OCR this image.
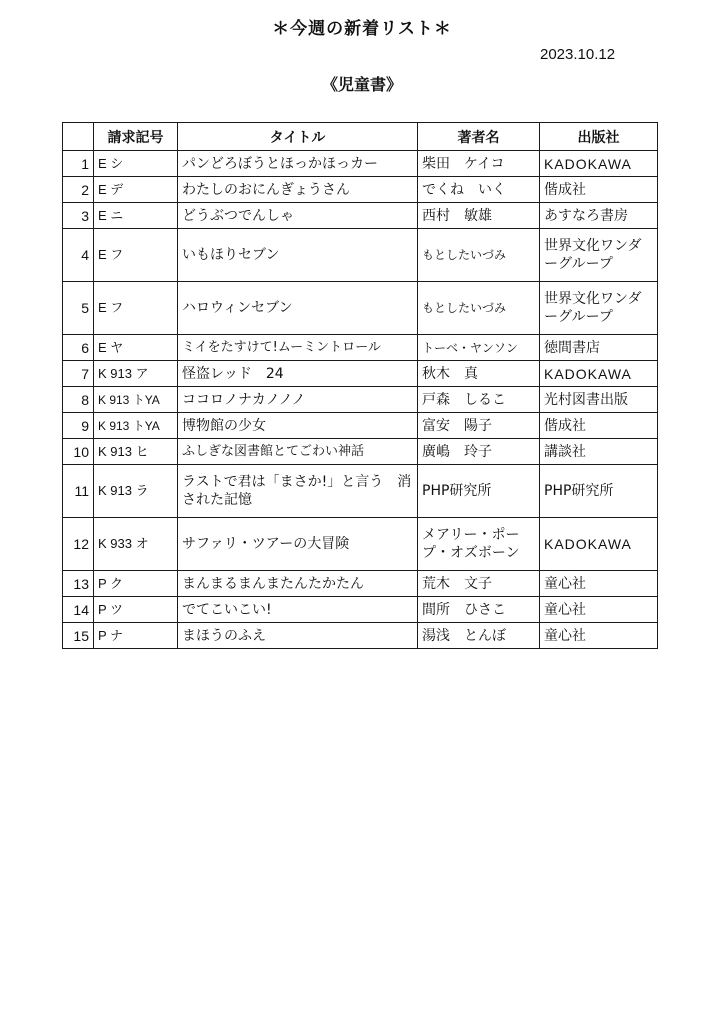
＊今週の新着リスト＊
2023.10.12
《児童書》
	請求記号	タイトル	著者名	出版社
1	E シ	パンどろぼうとほっかほっカー	柴田　ケイコ	KADOKAWA
2	E デ	わたしのおにんぎょうさん	でくね　いく	偕成社
3	E ニ	どうぶつでんしゃ	西村　敏雄	あすなろ書房
4	E フ	いもほりセブン	もとしたいづみ	世界文化ワンダーグループ
5	E フ	ハロウィンセブン	もとしたいづみ	世界文化ワンダーグループ
6	E ヤ	ミイをたすけて!ムーミントロール	トーベ・ヤンソン	徳間書店
7	K 913 ア	怪盗レッド　24	秋木　真	KADOKAWA
8	K 913 トYA	ココロノナカノノノ	戸森　しるこ	光村図書出版
9	K 913 トYA	博物館の少女	富安　陽子	偕成社
10	K 913 ヒ	ふしぎな図書館とてごわい神話	廣嶋　玲子	講談社
11	K 913 ラ	ラストで君は「まさか!」と言う　消された記憶	PHP研究所	PHP研究所
12	K 933 オ	サファリ・ツアーの大冒険	メアリー・ポープ・オズボーン	KADOKAWA
13	P ク	まんまるまんまたんたかたん	荒木　文子	童心社
14	P ツ	でてこいこい!	間所　ひさこ	童心社
15	P ナ	まほうのふえ	湯浅　とんぼ	童心社
